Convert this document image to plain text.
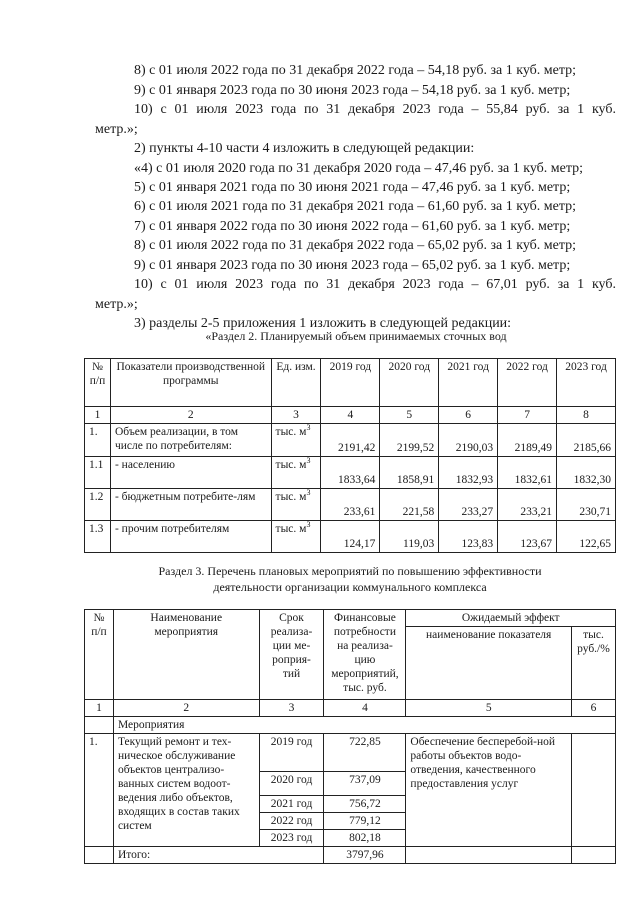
8) с 01 июля 2022 года по 31 декабря 2022 года – 54,18 руб. за 1 куб. метр;
9) с 01 января 2023 года по 30 июня 2023 года – 54,18 руб. за 1 куб. метр;
10) с 01 июля 2023 года по 31 декабря 2023 года – 55,84 руб. за 1 куб.
метр.»;
2) пункты 4-10 части 4 изложить в следующей редакции:
«4) с 01 июля 2020 года по 31 декабря 2020 года – 47,46 руб. за 1 куб. метр;
5) с 01 января 2021 года по 30 июня 2021 года – 47,46 руб. за 1 куб. метр;
6) с 01 июля 2021 года по 31 декабря 2021 года – 61,60 руб. за 1 куб. метр;
7) с 01 января 2022 года по 30 июня 2022 года – 61,60 руб. за 1 куб. метр;
8) с 01 июля 2022 года по 31 декабря 2022 года – 65,02 руб. за 1 куб. метр;
9) с 01 января 2023 года по 30 июня 2023 года – 65,02 руб. за 1 куб. метр;
10) с 01 июля 2023 года по 31 декабря 2023 года – 67,01 руб. за 1 куб.
метр.»;
3) разделы 2-5 приложения 1 изложить в следующей редакции:
«Раздел 2. Планируемый объем принимаемых сточных вод
№ п/п	Показатели производственной программы	Ед. изм.	2019 год	2020 год	2021 год	2022 год	2023 год
1	2	3	4	5	6	7	8
1.	Объем реализации, в том числе по потребителям:	тыс. $м^3$	2191,42	2199,52	2190,03	2189,49	2185,66
1.1	- населению	тыс. $м^3$	1833,64	1858,91	1832,93	1832,61	1832,30
1.2	- бюджетным потребите-лям	тыс. $м^3$	233,61	221,58	233,27	233,21	230,71
1.3	- прочим потребителям	тыс. $м^3$	124,17	119,03	123,83	123,67	122,65
Раздел 3. Перечень плановых мероприятий по повышению эффективности
деятельности организации коммунального комплекса
№ п/п	Наименование мероприятия	Срок реализа-ции ме-роприя-тий	Финансовые потребности на реализа-цию мероприятий, тыс. руб.	Ожидаемый эффект	
				наименование показателя	тыс. руб./%
1	2	3	4	5	6
	Мероприятия				
1.	Текущий ремонт и тех-ническое обслуживание объектов централизо-ванных систем водоот-ведения либо объектов, входящих в состав таких систем	2019 год	722,85	Обеспечение бесперебой-ной работы объектов водо-отведения, качественного предоставления услуг	
		2020 год	737,09		
		2021 год	756,72		
		2022 год	779,12		
		2023 год	802,18		
	Итого:		3797,96		
